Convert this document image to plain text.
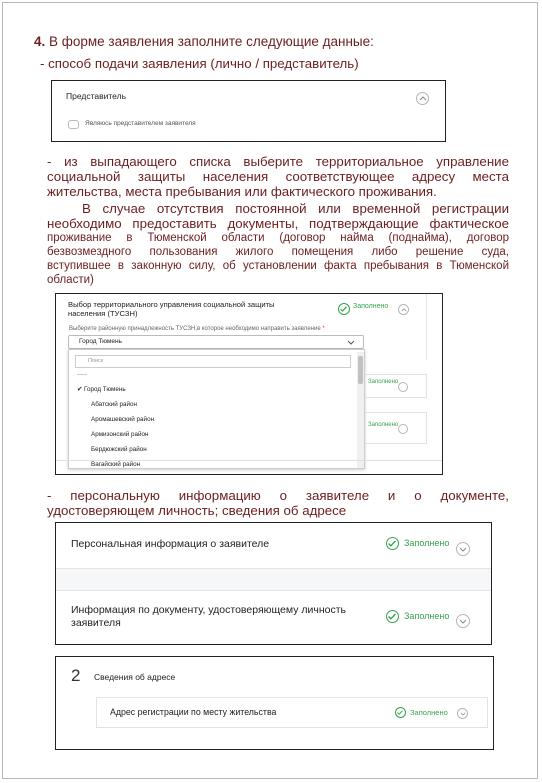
4. В форме заявления заполните следующие данные:
- способ подачи заявления (лично / представитель)
Представитель
Являюсь представителем заявителя
- из выпадающего списка выберите территориальное управление
социальной защиты населения соответствующее адресу места
жительства, места пребывания или фактического проживания.
В случае отсутствия постоянной или временной регистрации
необходимо предоставить документы, подтверждающие фактическое
проживание в Тюменской области (договор найма (поднайма), договор
безвозмездного пользования жилого помещения либо решение суда,
вступившее в законную силу, об установлении факта пребывания в Тюменской
области)
Выбор территориального управления социальной защиты
населения (ТУСЗН)
Заполнено
Выберите районную принадлежность ТУСЗН,в которое необходимо направить заявление *
Город Тюмень
Заполнено
Заполнено
Поиск
-----
✔ Город Тюмень
Абатский район
Аромашевский район
Армизонский район
Бердюжский район
Вагайский район
- персональную информацию о заявителе и о документе,
удостоверяющем личность; сведения об адресе
Персональная информация о заявителе	Заполнено
Информация по документу, удостоверяющему личность
заявителя
Заполнено
2 Сведения об адресе
Адрес регистрации по месту жительства	Заполнено
